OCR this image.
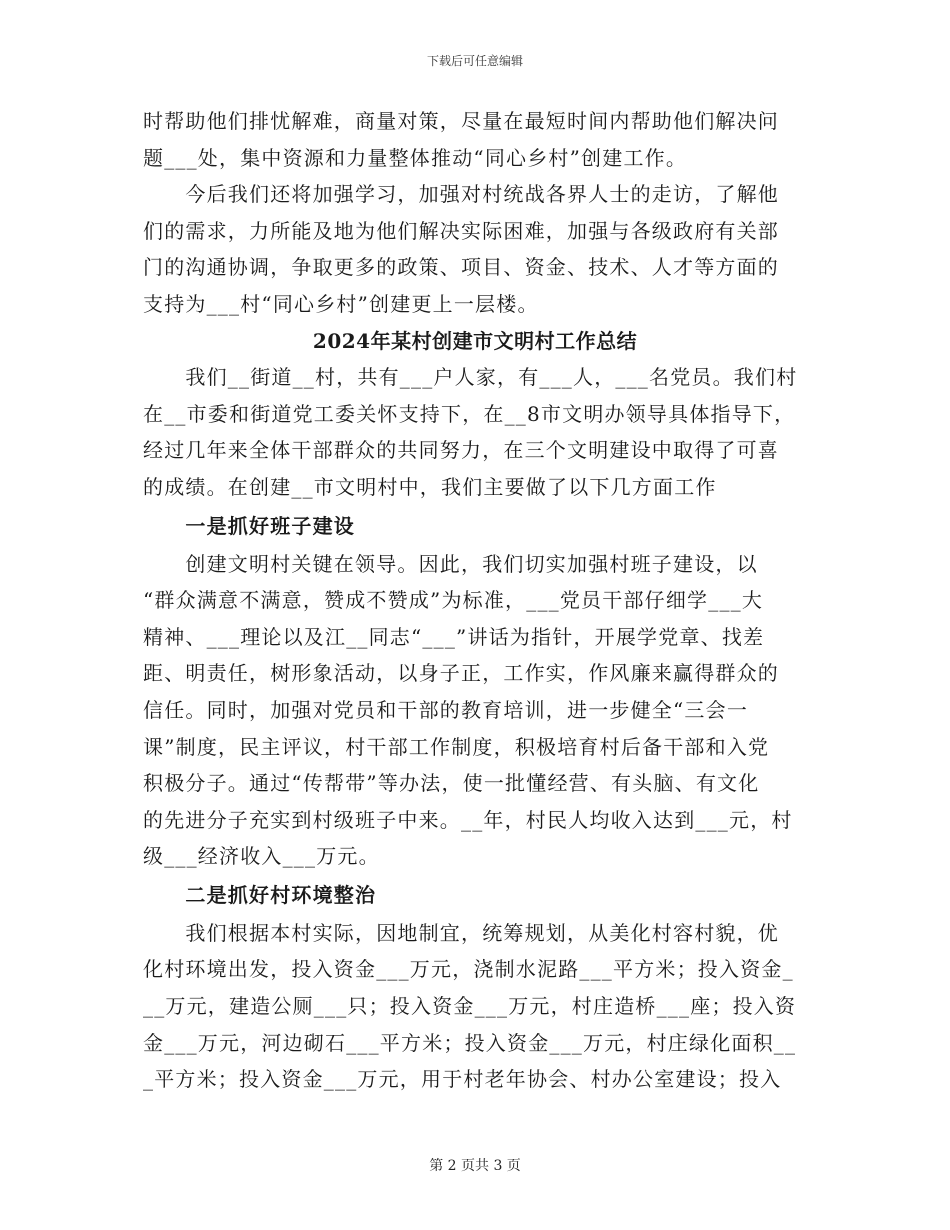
下载后可任意编辑
时帮助他们排忧解难，商量对策，尽量在最短时间内帮助他们解决问
题___处，集中资源和力量整体推动“同心乡村”创建工作。
　　今后我们还将加强学习，加强对村统战各界人士的走访，了解他
们的需求，力所能及地为他们解决实际困难，加强与各级政府有关部
门的沟通协调，争取更多的政策、项目、资金、技术、人才等方面的
支持为___村“同心乡村”创建更上一层楼。
2024年某村创建市文明村工作总结
　　我们__街道__村，共有___户人家，有___人，___名党员。我们村
在__市委和街道党工委关怀支持下，在__8市文明办领导具体指导下，
经过几年来全体干部群众的共同努力，在三个文明建设中取得了可喜
的成绩。在创建__市文明村中，我们主要做了以下几方面工作
　　一是抓好班子建设
　　创建文明村关键在领导。因此，我们切实加强村班子建设，以
“群众满意不满意，赞成不赞成”为标准，___党员干部仔细学___大
精神、___理论以及江__同志“___”讲话为指针，开展学党章、找差
距、明责任，树形象活动，以身子正，工作实，作风廉来赢得群众的
信任。同时，加强对党员和干部的教育培训，进一步健全“三会一
课”制度，民主评议，村干部工作制度，积极培育村后备干部和入党
积极分子。通过“传帮带”等办法，使一批懂经营、有头脑、有文化
的先进分子充实到村级班子中来。__年，村民人均收入达到___元，村
级___经济收入___万元。
　　二是抓好村环境整治
　　我们根据本村实际，因地制宜，统筹规划，从美化村容村貌，优
化村环境出发，投入资金___万元，浇制水泥路___平方米；投入资金_
__万元，建造公厕___只；投入资金___万元，村庄造桥___座；投入资
金___万元，河边砌石___平方米；投入资金___万元，村庄绿化面积__
_平方米；投入资金___万元，用于村老年协会、村办公室建设；投入
第 2 页共 3 页
